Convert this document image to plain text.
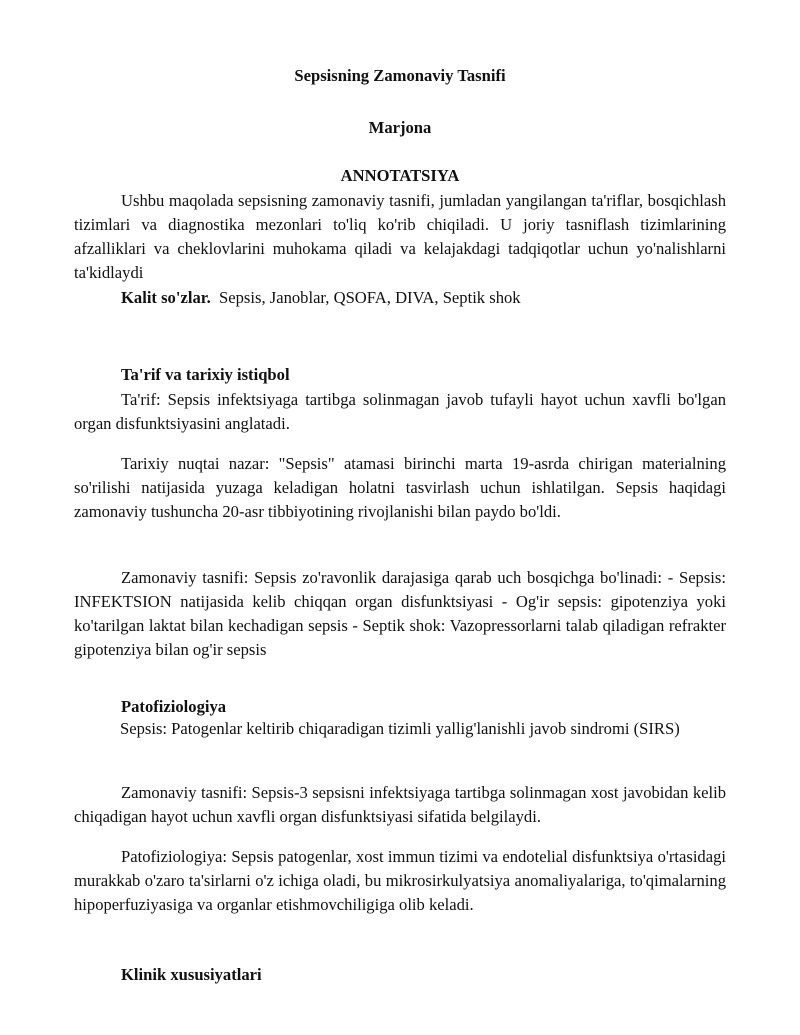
Sepsisning Zamonaviy Tasnifi

Marjona

ANNOTATSIYA

Ushbu maqolada sepsisning zamonaviy tasnifi, jumladan yangilangan ta'riflar, bosqichlash tizimlari va diagnostika mezonlari to'liq ko'rib chiqiladi. U joriy tasniflash tizimlarining afzalliklari va cheklovlarini muhokama qiladi va kelajakdagi tadqiqotlar uchun yo'nalishlarni ta'kidlaydi

Kalit so'zlar. Sepsis, Janoblar, QSOFA, DIVA, Septik shok

Ta'rif va tarixiy istiqbol

Ta'rif: Sepsis infektsiyaga tartibga solinmagan javob tufayli hayot uchun xavfli bo'lgan organ disfunktsiyasini anglatadi.

Tarixiy nuqtai nazar: "Sepsis" atamasi birinchi marta 19-asrda chirigan materialning so'rilishi natijasida yuzaga keladigan holatni tasvirlash uchun ishlatilgan. Sepsis haqidagi zamonaviy tushuncha 20-asr tibbiyotining rivojlanishi bilan paydo bo'ldi.

Zamonaviy tasnifi: Sepsis zo'ravonlik darajasiga qarab uch bosqichga bo'linadi: - Sepsis: INFEKTSION natijasida kelib chiqqan organ disfunktsiyasi - Og'ir sepsis: gipotenziya yoki ko'tarilgan laktat bilan kechadigan sepsis - Septik shok: Vazopressorlarni talab qiladigan refrakter gipotenziya bilan og'ir sepsis

Patofiziologiya

Sepsis: Patogenlar keltirib chiqaradigan tizimli yallig'lanishli javob sindromi (SIRS)

Zamonaviy tasnifi: Sepsis-3 sepsisni infektsiyaga tartibga solinmagan xost javobidan kelib chiqadigan hayot uchun xavfli organ disfunktsiyasi sifatida belgilaydi.

Patofiziologiya: Sepsis patogenlar, xost immun tizimi va endotelial disfunktsiya o'rtasidagi murakkab o'zaro ta'sirlarni o'z ichiga oladi, bu mikrosirkulyatsiya anomaliyalariga, to'qimalarning hipoperfuziyasiga va organlar etishmovchiligiga olib keladi.

Klinik xususiyatlari
